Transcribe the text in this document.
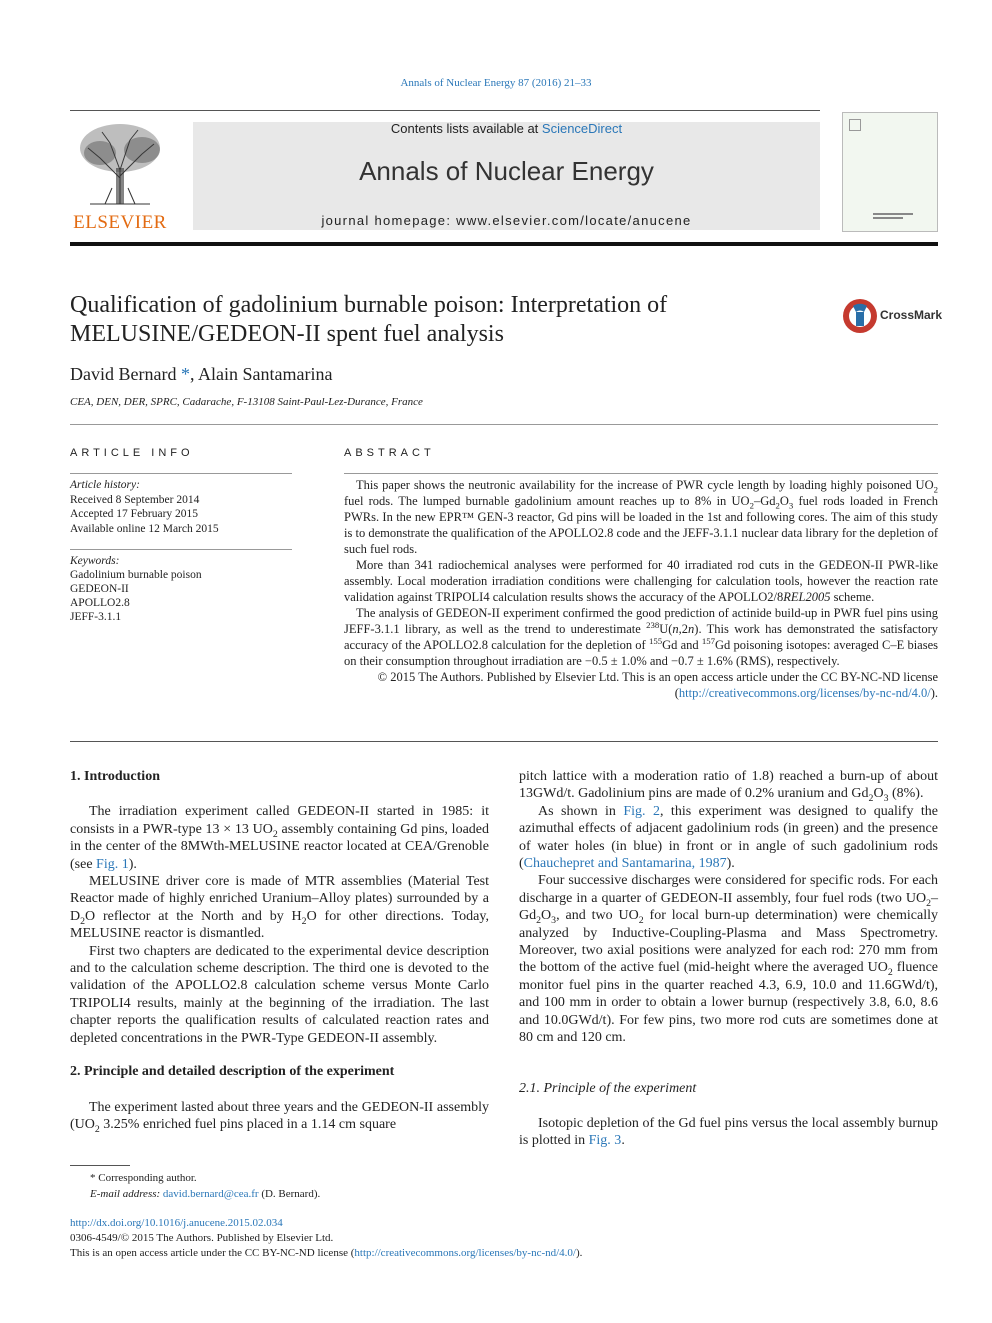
Annals of Nuclear Energy 87 (2016) 21–33
ELSEVIER
Contents lists available at ScienceDirect
Annals of Nuclear Energy
journal homepage: www.elsevier.com/locate/anucene
Qualification of gadolinium burnable poison: Interpretation of MELUSINE/GEDEON-II spent fuel analysis
CrossMark
David Bernard *, Alain Santamarina
CEA, DEN, DER, SPRC, Cadarache, F-13108 Saint-Paul-Lez-Durance, France
ARTICLE INFO
Article history:
Received 8 September 2014
Accepted 17 February 2015
Available online 12 March 2015
Keywords:
Gadolinium burnable poison
GEDEON-II
APOLLO2.8
JEFF-3.1.1
ABSTRACT

This paper shows the neutronic availability for the increase of PWR cycle length by loading highly poisoned $UO_2$ fuel rods. The lumped burnable gadolinium amount reaches up to 8% in $UO_2-Gd_2O_3$ fuel rods loaded in French PWRs. In the new EPR™ GEN-3 reactor, Gd pins will be loaded in the 1st and following cores. The aim of this study is to demonstrate the qualification of the APOLLO2.8 code and the JEFF-3.1.1 nuclear data library for the depletion of such fuel rods.

More than 341 radiochemical analyses were performed for 40 irradiated rod cuts in the GEDEON-II PWR-like assembly. Local moderation irradiation conditions were challenging for calculation tools, however the reaction rate validation against TRIPOLI4 calculation results shows the accuracy of the APOLLO2/8REL2005 scheme.

The analysis of GEDEON-II experiment confirmed the good prediction of actinide build-up in PWR fuel pins using JEFF-3.1.1 library, as well as the trend to underestimate $^{238}$U(n,2n). This work has demonstrated the satisfactory accuracy of the APOLLO2.8 calculation for the depletion of $^{155}$Gd and $^{157}$Gd poisoning isotopes: averaged C–E biases on their consumption throughout irradiation are −0.5 ± 1.0% and −0.7 ± 1.6% (RMS), respectively.

© 2015 The Authors. Published by Elsevier Ltd. This is an open access article under the CC BY-NC-ND license (http://creativecommons.org/licenses/by-nc-nd/4.0/).

1. Introduction

The irradiation experiment called GEDEON-II started in 1985: it consists in a PWR-type 13 × 13 $UO_2$ assembly containing Gd pins, loaded in the center of the 8MWth-MELUSINE reactor located at CEA/Grenoble (see Fig. 1).

MELUSINE driver core is made of MTR assemblies (Material Test Reactor made of highly enriched Uranium–Alloy plates) surrounded by a $D_2O$ reflector at the North and by $H_2O$ for other directions. Today, MELUSINE reactor is dismantled.

First two chapters are dedicated to the experimental device description and to the calculation scheme description. The third one is devoted to the validation of the APOLLO2.8 calculation scheme versus Monte Carlo TRIPOLI4 results, mainly at the beginning of the irradiation. The last chapter reports the qualification results of calculated reaction rates and depleted concentrations in the PWR-Type GEDEON-II assembly.

2. Principle and detailed description of the experiment

The experiment lasted about three years and the GEDEON-II assembly ($UO_2$ 3.25% enriched fuel pins placed in a 1.14 cm square

pitch lattice with a moderation ratio of 1.8) reached a burn-up of about 13GWd/t. Gadolinium pins are made of 0.2% uranium and $Gd_2O_3$ (8%).

As shown in Fig. 2, this experiment was designed to qualify the azimuthal effects of adjacent gadolinium rods (in green) and the presence of water holes (in blue) in front or in angle of such gadolinium rods (Chauchepret and Santamarina, 1987).

Four successive discharges were considered for specific rods. For each discharge in a quarter of GEDEON-II assembly, four fuel rods (two $UO_2-Gd_2O_3$, and two $UO_2$ for local burn-up determination) were chemically analyzed by Inductive-Coupling-Plasma and Mass Spectrometry. Moreover, two axial positions were analyzed for each rod: 270 mm from the bottom of the active fuel (mid-height where the averaged $UO_2$ fluence monitor fuel pins in the quarter reached 4.3, 6.9, 10.0 and 11.6GWd/t), and 100 mm in order to obtain a lower burnup (respectively 3.8, 6.0, 8.6 and 10.0GWd/t). For few pins, two more rod cuts are sometimes done at 80 cm and 120 cm.

2.1. Principle of the experiment

Isotopic depletion of the Gd fuel pins versus the local assembly burnup is plotted in Fig. 3.

* Corresponding author.
E-mail address: david.bernard@cea.fr (D. Bernard).
http://dx.doi.org/10.1016/j.anucene.2015.02.034
0306-4549/© 2015 The Authors. Published by Elsevier Ltd.
This is an open access article under the CC BY-NC-ND license (http://creativecommons.org/licenses/by-nc-nd/4.0/).
